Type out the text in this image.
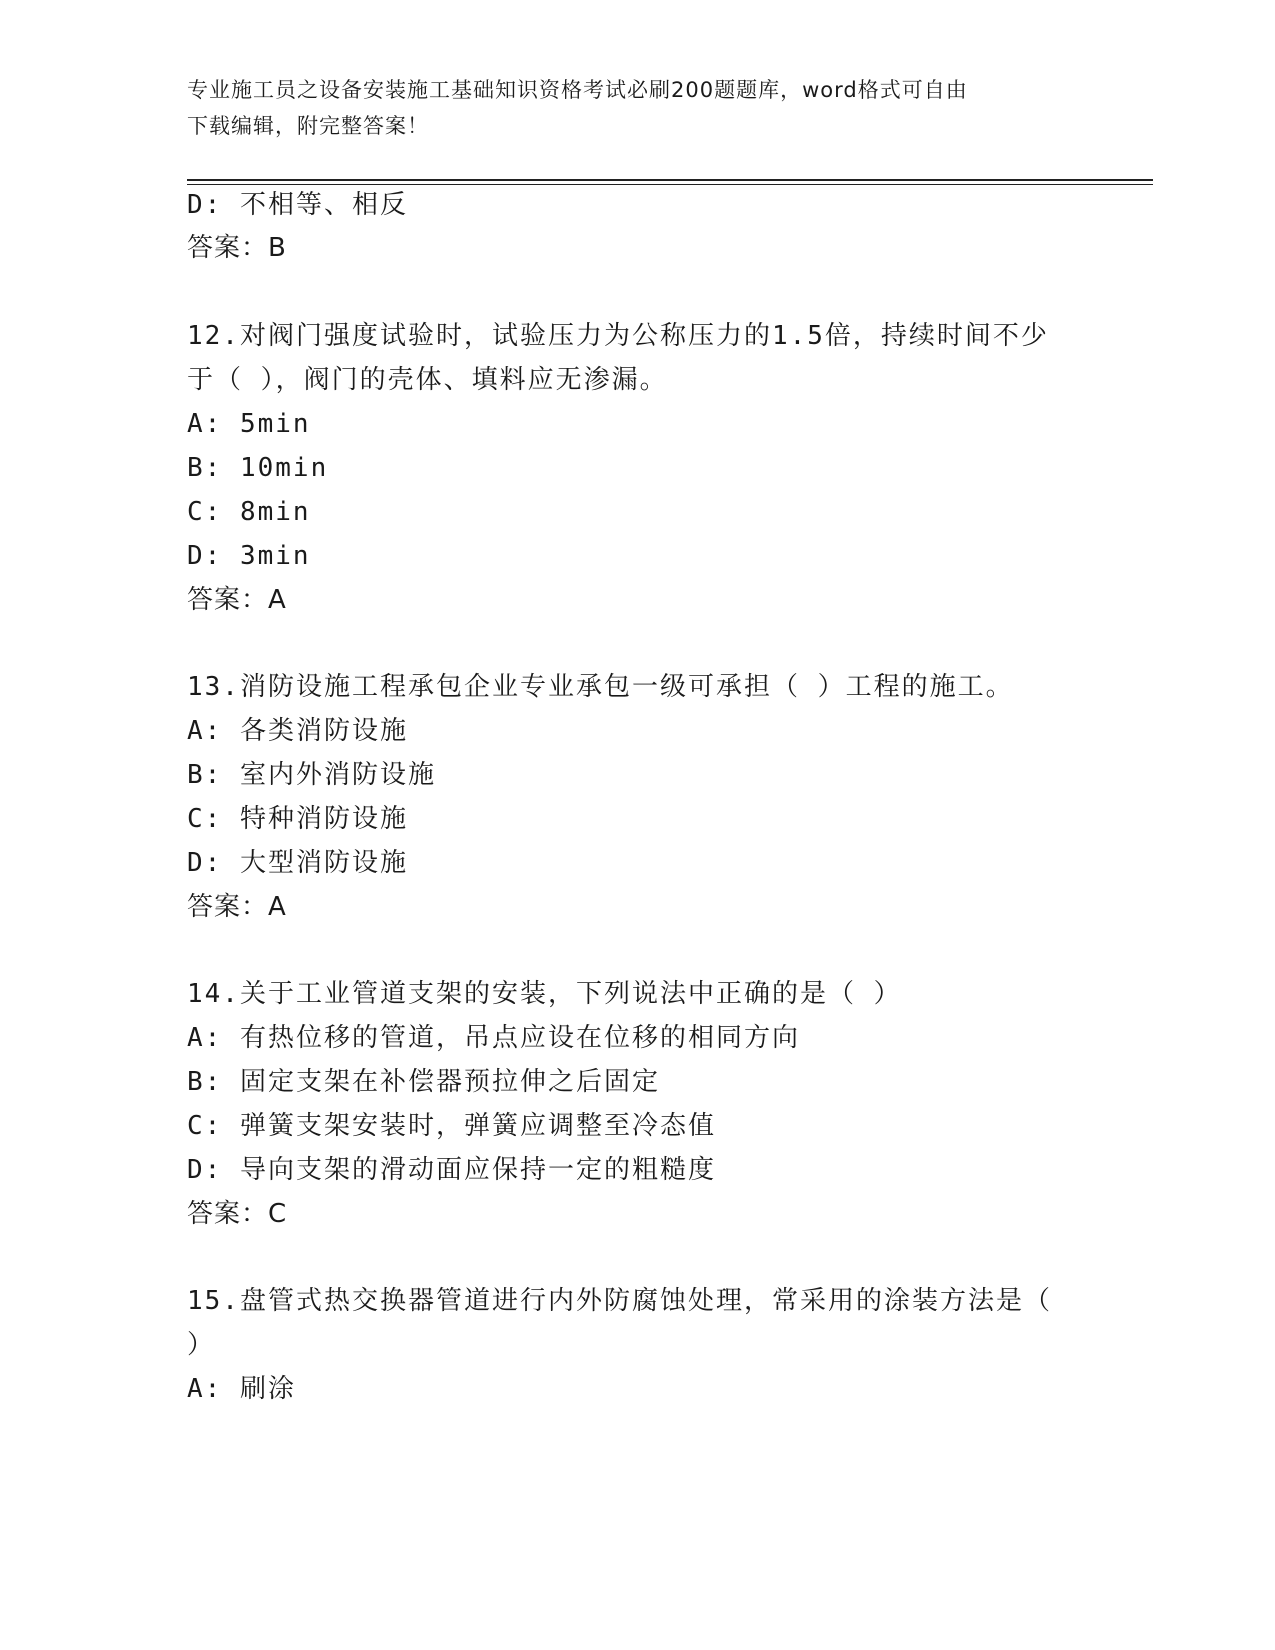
专业施工员之设备安装施工基础知识资格考试必刷200题题库，word格式可自由
下载编辑，附完整答案！
D: 不相等、相反
答案：B
12.对阀门强度试验时，试验压力为公称压力的1.5倍，持续时间不少
于（ ），阀门的壳体、填料应无渗漏。
A: 5min
B: 10min
C: 8min
D: 3min
答案：A
13.消防设施工程承包企业专业承包一级可承担（ ）工程的施工。
A: 各类消防设施
B: 室内外消防设施
C: 特种消防设施
D: 大型消防设施
答案：A
14.关于工业管道支架的安装，下列说法中正确的是（ ）
A: 有热位移的管道，吊点应设在位移的相同方向
B: 固定支架在补偿器预拉伸之后固定
C: 弹簧支架安装时，弹簧应调整至冷态值
D: 导向支架的滑动面应保持一定的粗糙度
答案：C
15.盘管式热交换器管道进行内外防腐蚀处理，常采用的涂装方法是（
）
A: 刷涂
